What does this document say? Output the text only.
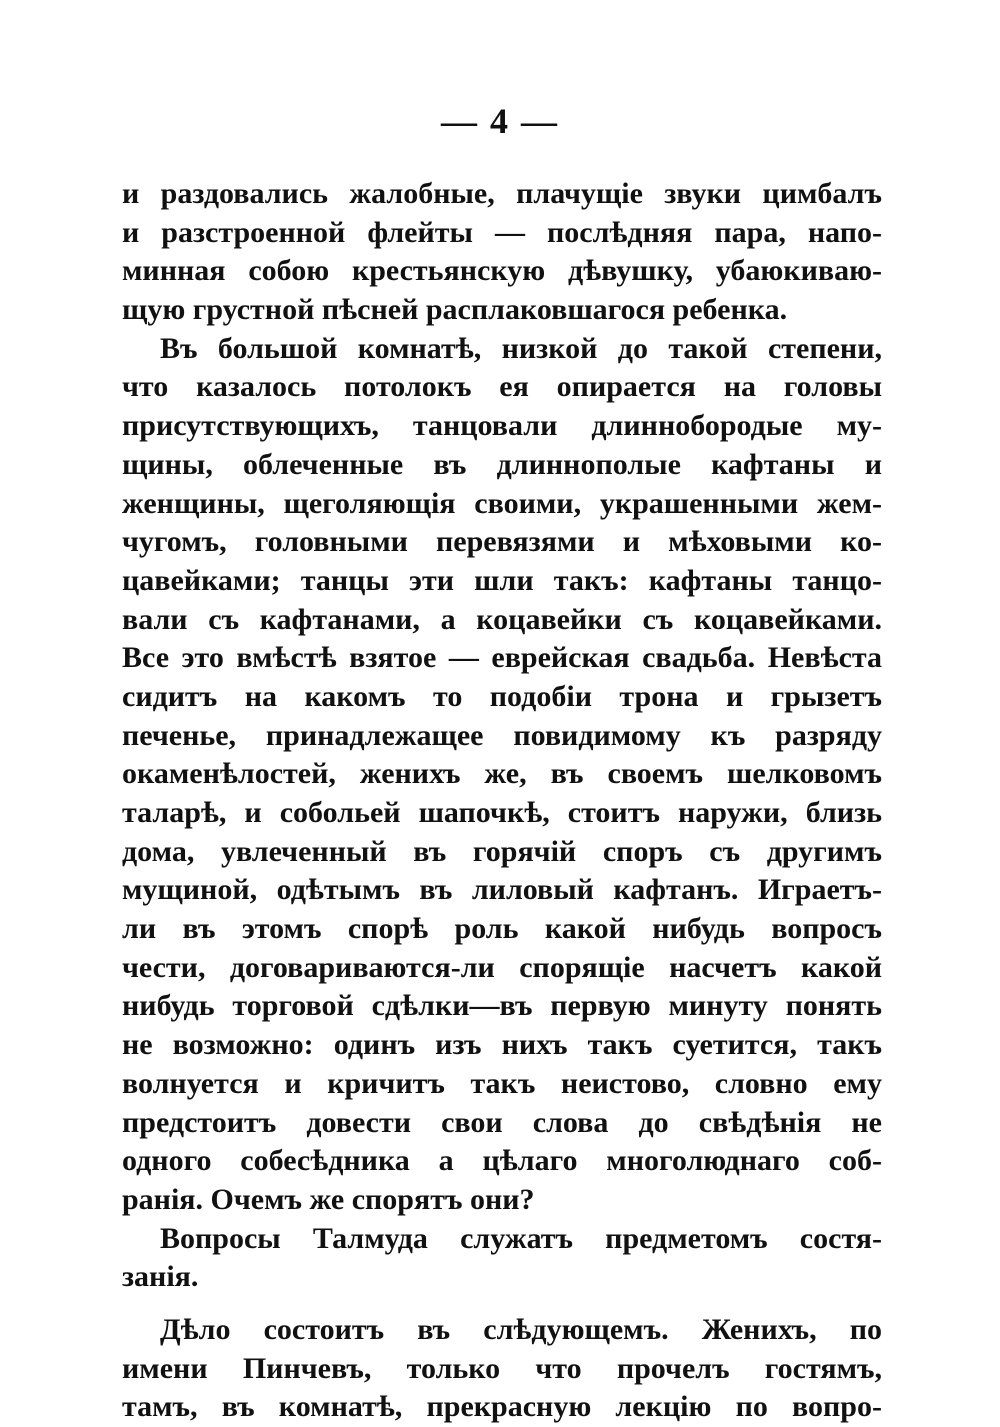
— 4 —
и раздовались жалобные, плачущіе звуки цимбалъ
и разстроенной флейты — послѣдняя пара, напо-
минная собою крестьянскую дѣвушку, убаюкиваю-
щую грустной пѣсней расплаковшагося ребенка.
Въ большой комнатѣ, низкой до такой степени,
что казалось потолокъ ея опирается на головы
присутствующихъ, танцовали длиннобородые му-
щины, облеченные въ длиннополые кафтаны и
женщины, щеголяющія своими, украшенными жем-
чугомъ, головными перевязями и мѣховыми ко-
цавейками; танцы эти шли такъ: кафтаны танцо-
вали съ кафтанами, а коцавейки съ коцавейками.
Все это вмѣстѣ взятое — еврейская свадьба. Невѣста
сидитъ на какомъ то подобіи трона и грызетъ
печенье, принадлежащее повидимому къ разряду
окаменѣлостей, женихъ же, въ своемъ шелковомъ
таларѣ, и собольей шапочкѣ, стоитъ наружи, близь
дома, увлеченный въ горячій споръ съ другимъ
мущиной, одѣтымъ въ лиловый кафтанъ. Играетъ-
ли въ этомъ спорѣ роль какой нибудь вопросъ
чести, договариваются-ли спорящіе насчетъ какой
нибудь торговой сдѣлки—въ первую минуту понять
не возможно: одинъ изъ нихъ такъ суетится, такъ
волнуется и кричитъ такъ неистово, словно ему
предстоитъ довести свои слова до свѣдѣнія не
одного собесѣдника а цѣлаго многолюднаго соб-
ранія. Очемъ же спорятъ они?
Вопросы Талмуда служатъ предметомъ состя-
занія.
Дѣло состоитъ въ слѣдующемъ. Женихъ, по
имени Пинчевъ, только что прочелъ гостямъ,
тамъ, въ комнатѣ, прекрасную лекцію по вопро-
